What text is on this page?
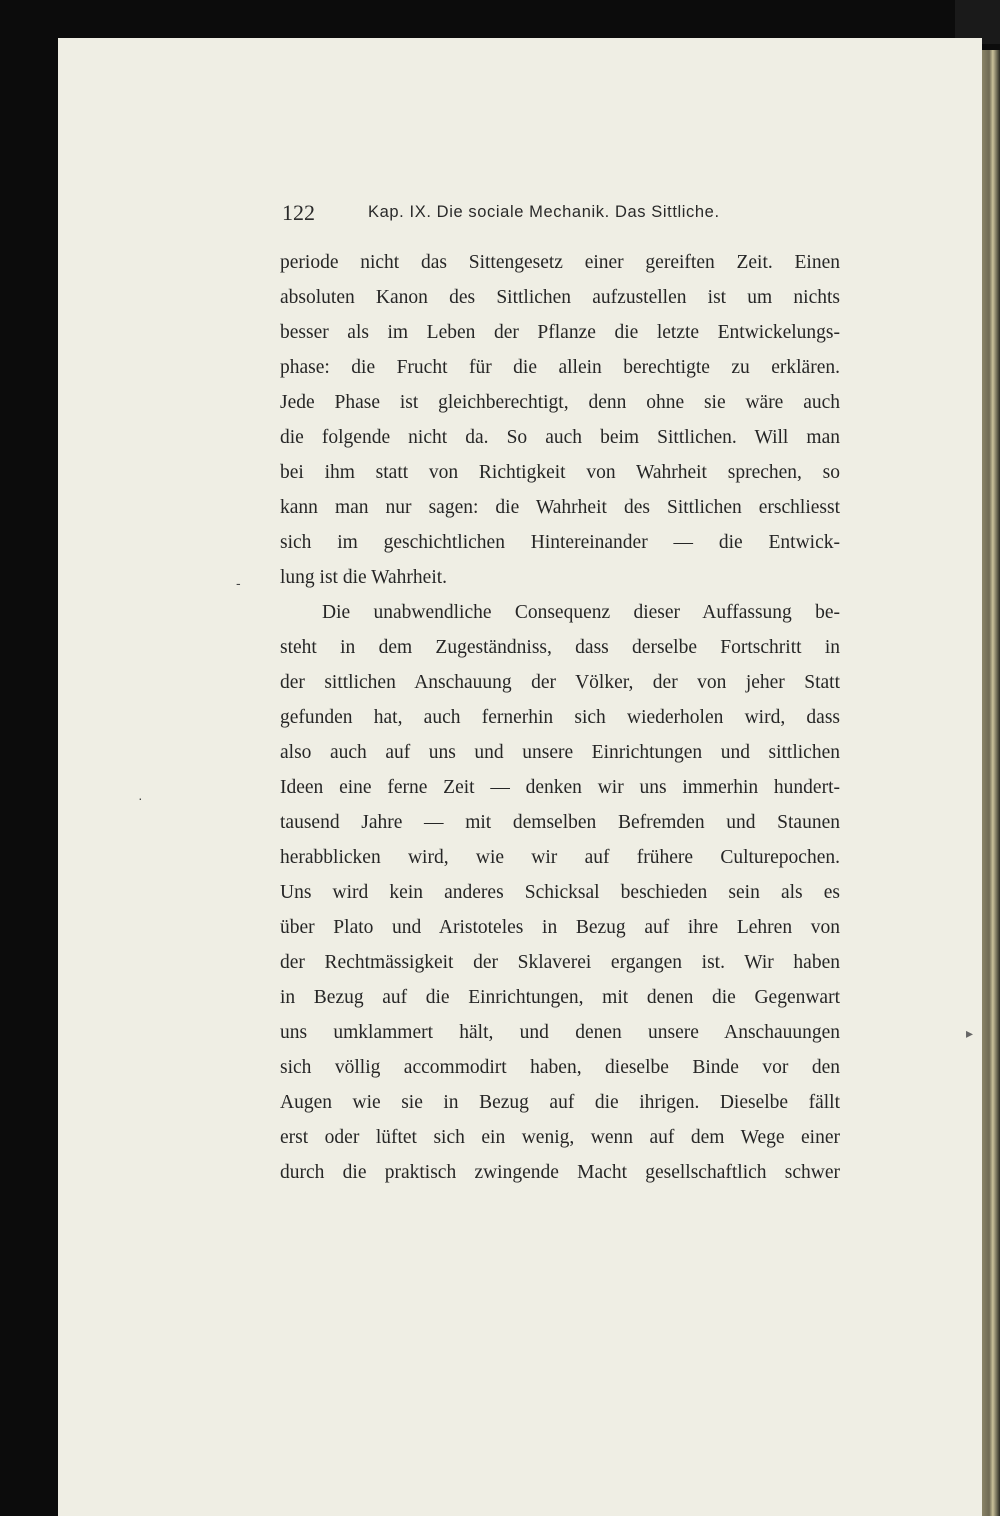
122	Kap. IX. Die sociale Mechanik. Das Sittliche.
periode nicht das Sittengesetz einer gereiften Zeit. Einen
absoluten Kanon des Sittlichen aufzustellen ist um nichts
besser als im Leben der Pflanze die letzte Entwickelungs-
phase: die Frucht für die allein berechtigte zu erklären.
Jede Phase ist gleichberechtigt, denn ohne sie wäre auch
die folgende nicht da. So auch beim Sittlichen. Will man
bei ihm statt von Richtigkeit von Wahrheit sprechen, so
kann man nur sagen: die Wahrheit des Sittlichen erschliesst
sich im geschichtlichen Hintereinander — die Entwick-
lung ist die Wahrheit.
Die unabwendliche Consequenz dieser Auffassung be-
steht in dem Zugeständniss, dass derselbe Fortschritt in
der sittlichen Anschauung der Völker, der von jeher Statt
gefunden hat, auch fernerhin sich wiederholen wird, dass
also auch auf uns und unsere Einrichtungen und sittlichen
Ideen eine ferne Zeit — denken wir uns immerhin hundert-
tausend Jahre — mit demselben Befremden und Staunen
herabblicken wird, wie wir auf frühere Culturepochen.
Uns wird kein anderes Schicksal beschieden sein als es
über Plato und Aristoteles in Bezug auf ihre Lehren von
der Rechtmässigkeit der Sklaverei ergangen ist. Wir haben
in Bezug auf die Einrichtungen, mit denen die Gegenwart
uns umklammert hält, und denen unsere Anschauungen
sich völlig accommodirt haben, dieselbe Binde vor den
Augen wie sie in Bezug auf die ihrigen. Dieselbe fällt
erst oder lüftet sich ein wenig, wenn auf dem Wege einer
durch die praktisch zwingende Macht gesellschaftlich schwer
-
·
▸
